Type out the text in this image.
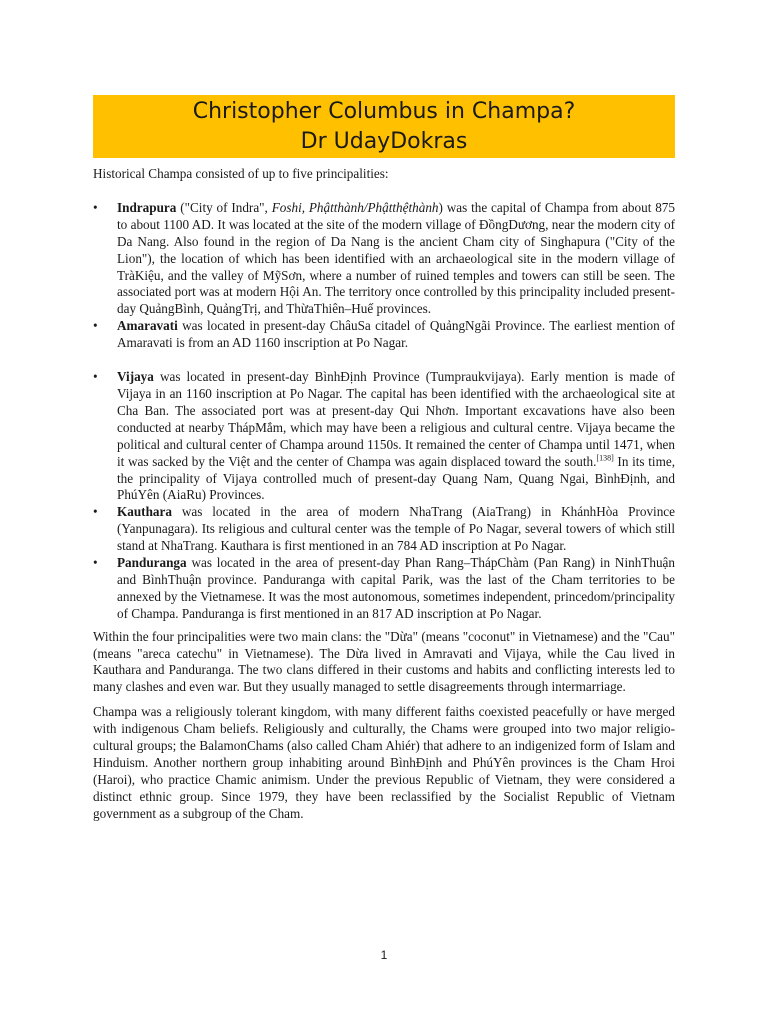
Christopher Columbus in Champa?
Dr UdayDokras

Historical Champa consisted of up to five principalities:

•	Indrapura ("City of Indra", Foshi, Phậtthành/Phậtthệthành) was the capital of Champa from about 875 to about 1100 AD. It was located at the site of the modern village of ĐồngDương, near the modern city of Da Nang. Also found in the region of Da Nang is the ancient Cham city of Singhapura ("City of the Lion"), the location of which has been identified with an archaeological site in the modern village of TràKiệu, and the valley of MỹSơn, where a number of ruined temples and towers can still be seen. The associated port was at modern Hội An. The territory once controlled by this principality included present-day QuảngBình, QuảngTrị, and ThừaThiên–Huế provinces.
•	Amaravati was located in present-day ChâuSa citadel of QuảngNgãi Province. The earliest mention of Amaravati is from an AD 1160 inscription at Po Nagar.
•	Vijaya was located in present-day BìnhĐịnh Province (Tumpraukvijaya). Early mention is made of Vijaya in an 1160 inscription at Po Nagar. The capital has been identified with the archaeological site at Cha Ban. The associated port was at present-day Qui Nhơn. Important excavations have also been conducted at nearby ThápMắm, which may have been a religious and cultural centre. Vijaya became the political and cultural center of Champa around 1150s. It remained the center of Champa until 1471, when it was sacked by the Việt and the center of Champa was again displaced toward the south.[138] In its time, the principality of Vijaya controlled much of present-day Quang Nam, Quang Ngai, BìnhĐịnh, and PhúYên (AiaRu) Provinces.
•	Kauthara was located in the area of modern NhaTrang (AiaTrang) in KhánhHòa Province (Yanpunagara). Its religious and cultural center was the temple of Po Nagar, several towers of which still stand at NhaTrang. Kauthara is first mentioned in an 784 AD inscription at Po Nagar.
•	Panduranga was located in the area of present-day Phan Rang–ThápChàm (Pan Rang) in NinhThuận and BìnhThuận province. Panduranga with capital Parik, was the last of the Cham territories to be annexed by the Vietnamese. It was the most autonomous, sometimes independent, princedom/principality of Champa. Panduranga is first mentioned in an 817 AD inscription at Po Nagar.

Within the four principalities were two main clans: the "Dừa" (means "coconut" in Vietnamese) and the "Cau" (means "areca catechu" in Vietnamese). The Dừa lived in Amravati and Vijaya, while the Cau lived in Kauthara and Panduranga. The two clans differed in their customs and habits and conflicting interests led to many clashes and even war. But they usually managed to settle disagreements through intermarriage.

Champa was a religiously tolerant kingdom, with many different faiths coexisted peacefully or have merged with indigenous Cham beliefs. Religiously and culturally, the Chams were grouped into two major religio-cultural groups; the BalamonChams (also called Cham Ahiér) that adhere to an indigenized form of Islam and Hinduism. Another northern group inhabiting around BìnhĐịnh and PhúYên provinces is the Cham Hroi (Haroi), who practice Chamic animism. Under the previous Republic of Vietnam, they were considered a distinct ethnic group. Since 1979, they have been reclassified by the Socialist Republic of Vietnam government as a subgroup of the Cham.

1
